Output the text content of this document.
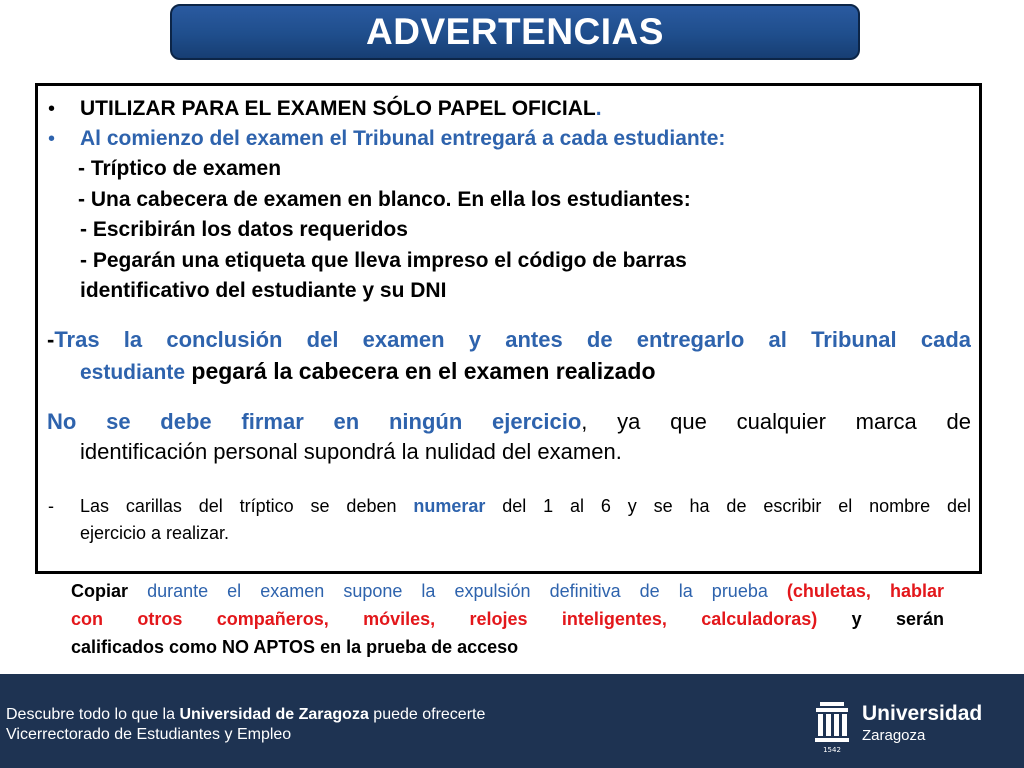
ADVERTENCIAS
• UTILIZAR PARA EL EXAMEN SÓLO PAPEL OFICIAL.
• Al comienzo del examen el Tribunal entregará a cada estudiante:
- Tríptico de examen
- Una cabecera de examen en blanco. En ella los estudiantes:
- Escribirán los datos requeridos
- Pegarán una etiqueta que lleva impreso el código de barras
identificativo del estudiante y su DNI
-Tras la conclusión del examen y antes de entregarlo al Tribunal cada
estudiante pegará la cabecera en el examen realizado
No se debe firmar en ningún ejercicio, ya que cualquier marca de
identificación personal supondrá la nulidad del examen.
- Las carillas del tríptico se deben numerar del 1 al 6 y se ha de escribir el nombre del
ejercicio a realizar.
Copiar durante el examen supone la expulsión definitiva de la prueba (chuletas, hablar
con otros compañeros, móviles, relojes inteligentes, calculadoras) y serán
calificados como NO APTOS en la prueba de acceso
Descubre todo lo que la Universidad de Zaragoza puede ofrecerte
Vicerrectorado de Estudiantes y Empleo
1542
Universidad
Zaragoza
